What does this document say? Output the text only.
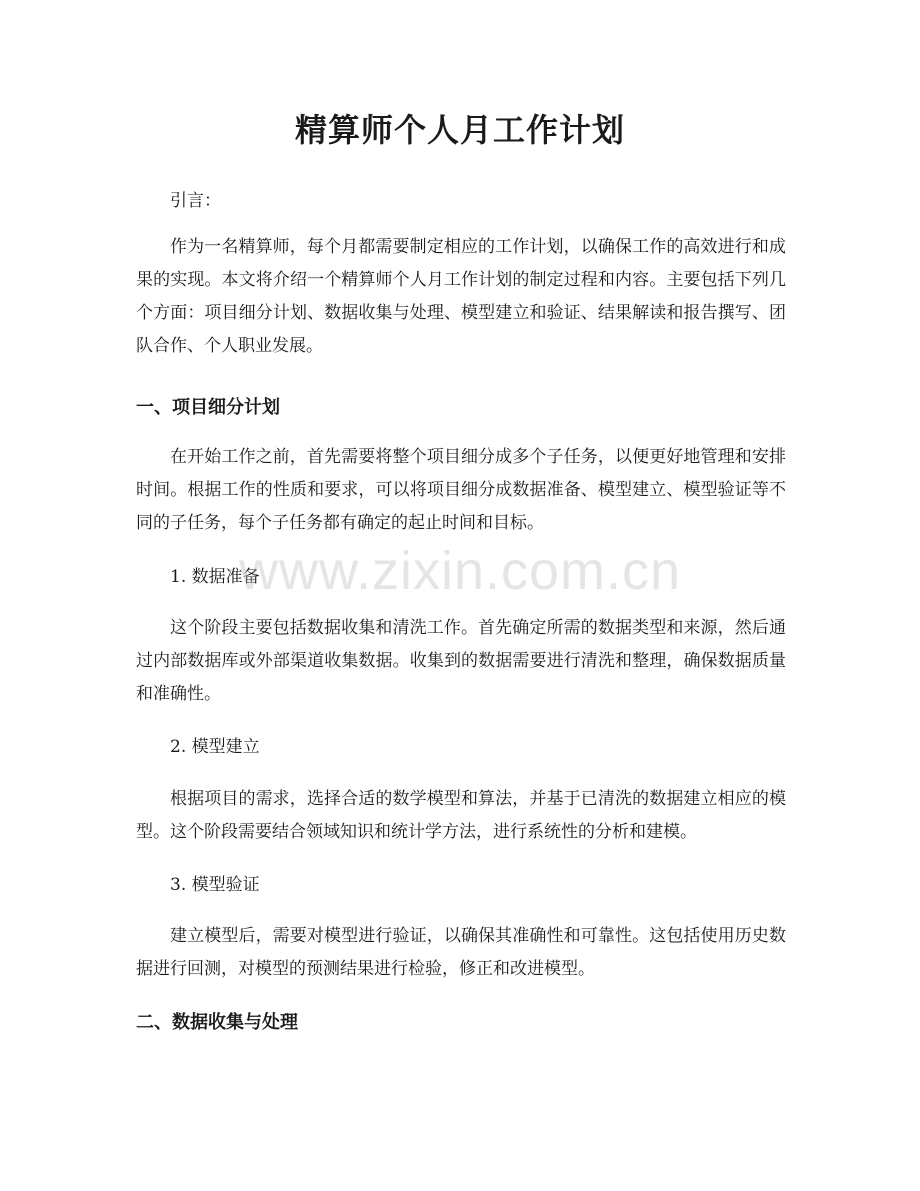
精算师个人月工作计划

引言：

作为一名精算师，每个月都需要制定相应的工作计划，以确保工作的高效进行和成果的实现。本文将介绍一个精算师个人月工作计划的制定过程和内容。主要包括下列几个方面：项目细分计划、数据收集与处理、模型建立和验证、结果解读和报告撰写、团队合作、个人职业发展。

一、项目细分计划

在开始工作之前，首先需要将整个项目细分成多个子任务，以便更好地管理和安排时间。根据工作的性质和要求，可以将项目细分成数据准备、模型建立、模型验证等不同的子任务，每个子任务都有确定的起止时间和目标。

1. 数据准备

这个阶段主要包括数据收集和清洗工作。首先确定所需的数据类型和来源，然后通过内部数据库或外部渠道收集数据。收集到的数据需要进行清洗和整理，确保数据质量和准确性。

2. 模型建立

根据项目的需求，选择合适的数学模型和算法，并基于已清洗的数据建立相应的模型。这个阶段需要结合领域知识和统计学方法，进行系统性的分析和建模。

3. 模型验证

建立模型后，需要对模型进行验证，以确保其准确性和可靠性。这包括使用历史数据进行回测，对模型的预测结果进行检验，修正和改进模型。

二、数据收集与处理
www.zixin.com.cn
